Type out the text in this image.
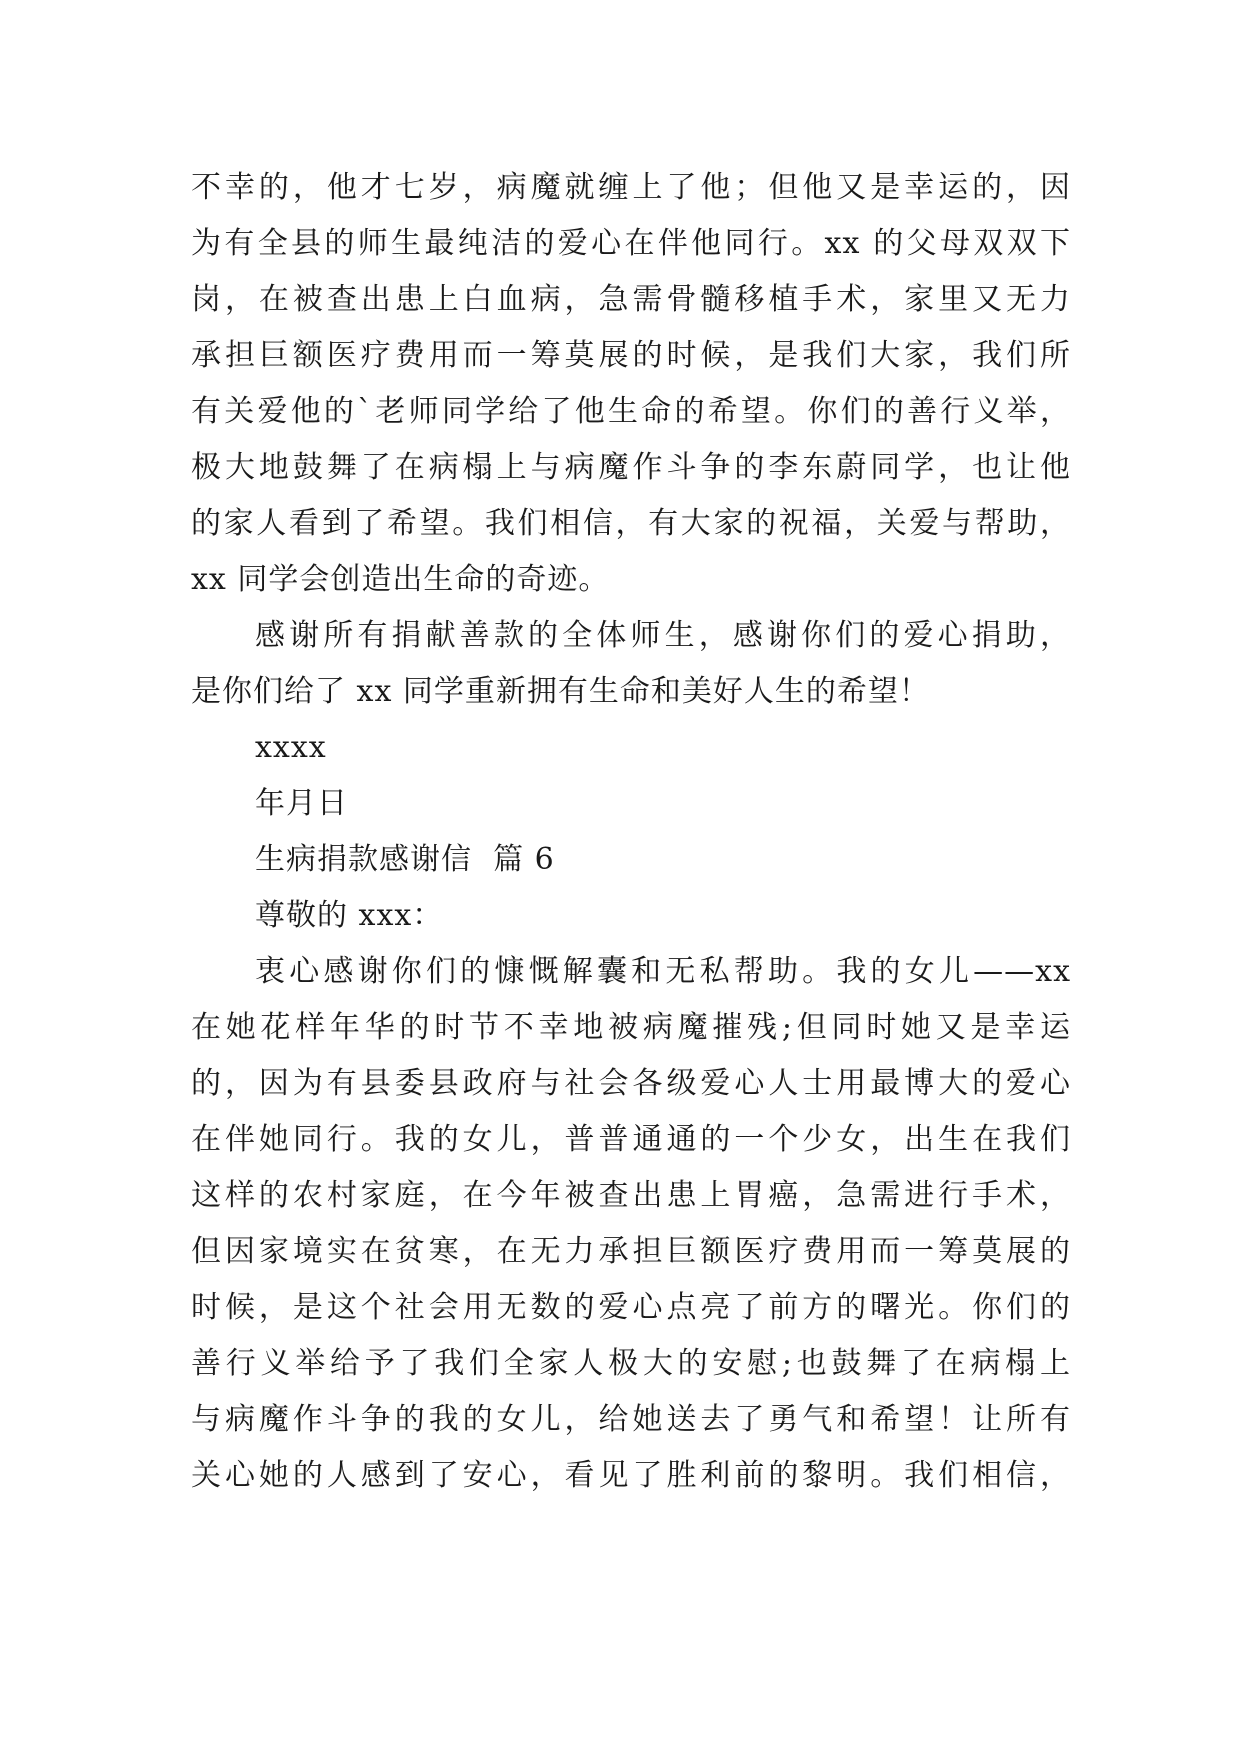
不幸的，他才七岁，病魔就缠上了他；但他又是幸运的，因
为有全县的师生最纯洁的爱心在伴他同行。xx 的父母双双下
岗，在被查出患上白血病，急需骨髓移植手术，家里又无力
承担巨额医疗费用而一筹莫展的时候，是我们大家，我们所
有关爱他的`老师同学给了他生命的希望。你们的善行义举，
极大地鼓舞了在病榻上与病魔作斗争的李东蔚同学，也让他
的家人看到了希望。我们相信，有大家的祝福，关爱与帮助，
xx 同学会创造出生命的奇迹。
感谢所有捐献善款的全体师生，感谢你们的爱心捐助，
是你们给了 xx 同学重新拥有生命和美好人生的希望！
xxxx
年月日
生病捐款感谢信  篇 6
尊敬的 xxx：
衷心感谢你们的慷慨解囊和无私帮助。我的女儿——xx
在她花样年华的时节不幸地被病魔摧残;但同时她又是幸运
的，因为有县委县政府与社会各级爱心人士用最博大的爱心
在伴她同行。我的女儿，普普通通的一个少女，出生在我们
这样的农村家庭，在今年被查出患上胃癌，急需进行手术，
但因家境实在贫寒，在无力承担巨额医疗费用而一筹莫展的
时候，是这个社会用无数的爱心点亮了前方的曙光。你们的
善行义举给予了我们全家人极大的安慰;也鼓舞了在病榻上
与病魔作斗争的我的女儿，给她送去了勇气和希望！让所有
关心她的人感到了安心，看见了胜利前的黎明。我们相信，
